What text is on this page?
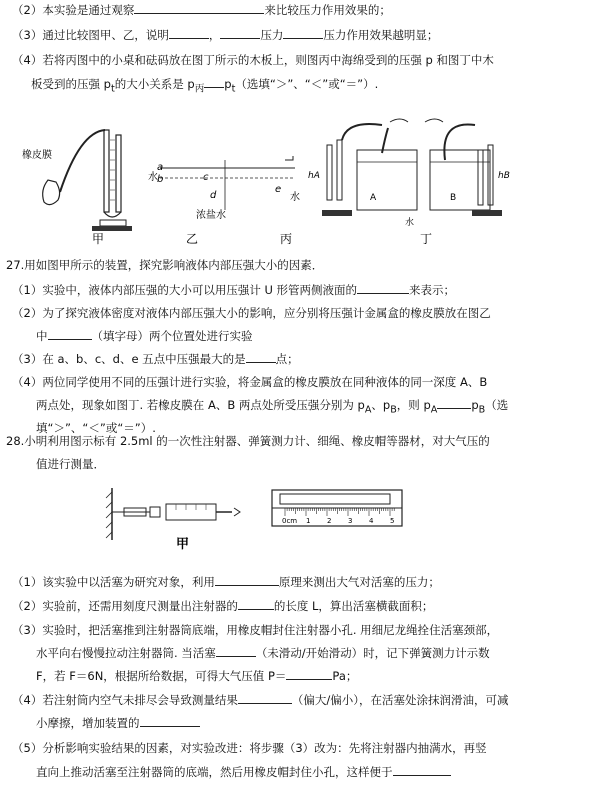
（2）本实验是通过观察	来比较压力作用效果的；
（3）通过比较图甲、乙，说明	，	压力	压力作用效果越明显；
（4）若将丙图中的小桌和砝码放在图丁所示的木板上，则图丙中海绵受到的压强 p 和图丁中木
板受到的压强 $p_t$的大小关系是 $p_丙$ $p_t$（选填“＞”、“＜”或“＝”）.
橡皮膜
甲
水
a
b	c
d
e
水
浓盐水
乙	丙
hA
A	B
水
hB
丁
27.用如图甲所示的装置，探究影响液体内部压强大小的因素．
（1）实验中，液体内部压强的大小可以用压强计 U 形管两侧液面的	来表示；
（2）为了探究液体密度对液体内部压强大小的影响，应分别将压强计金属盒的橡皮膜放在图乙
中	（填字母）两个位置处进行实验
（3）在 a、b、c、d、e 五点中压强最大的是	点；
（4）两位同学使用不同的压强计进行实验，将金属盒的橡皮膜放在同种液体的同一深度 A、B
两点处，现象如图丁. 若橡皮膜在 A、B 两点处所受压强分别为 $p_A$、$p_B$，则 $p_A$	$p_B$（选
填“＞”、“＜”或“＝”）.
28.小明利用图示标有 2.5ml 的一次性注射器、弹簧测力计、细绳、橡皮帽等器材，对大气压的
值进行测量．
甲
0cm 1 2 3 4 5
（1）该实验中以活塞为研究对象，利用	原理来测出大气对活塞的压力；
（2）实验前，还需用刻度尺测量出注射器的	的长度 L，算出活塞横截面积；
（3）实验时，把活塞推到注射器筒底端，用橡皮帽封住注射器小孔. 用细尼龙绳拴住活塞颈部，
水平向右慢慢拉动注射器筒. 当活塞	（未滑动/开始滑动）时，记下弹簧测力计示数
F，若 F＝6N，根据所给数据，可得大气压值 P＝	Pa；
（4）若注射筒内空气未排尽会导致测量结果	（偏大/偏小），在活塞处涂抹润滑油，可减
小摩擦，增加装置的
（5）分析影响实验结果的因素，对实验改进：将步骤（3）改为：先将注射器内抽满水，再竖
直向上推动活塞至注射器筒的底端，然后用橡皮帽封住小孔，这样便于
